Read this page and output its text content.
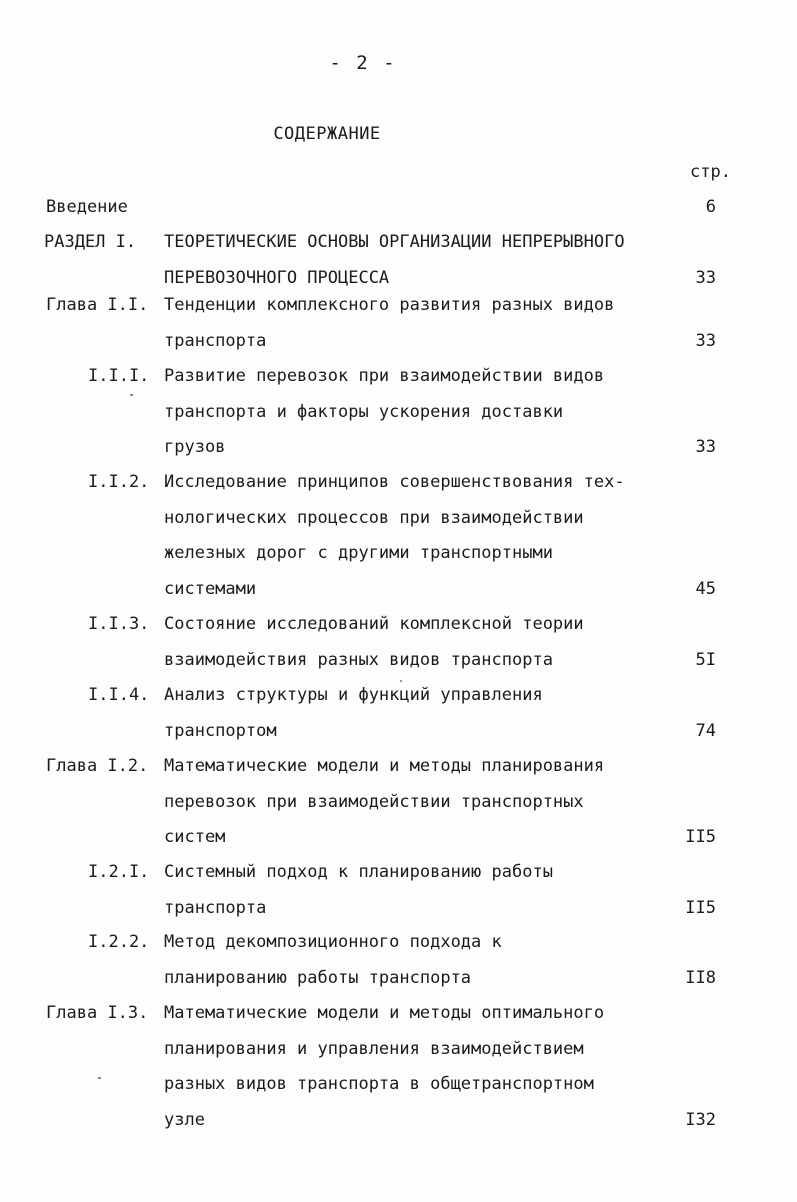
- 2 -
СОДЕРЖАНИЕ
стр.
Введение	6
РАЗДЕЛ I. ТЕОРЕТИЧЕСКИЕ ОСНОВЫ ОРГАНИЗАЦИИ НЕПРЕРЫВНОГО
ПЕРЕВОЗОЧНОГО ПРОЦЕССА	33
Глава I.I. Тенденции комплексного развития разных видов
транспорта	33
I.I.I. Развитие перевозок при взаимодействии видов
транспорта и факторы ускорения доставки
грузов	33
I.I.2. Исследование принципов совершенствования тех-
нологических процессов при взаимодействии
железных дорог с другими транспортными
системами	45
I.I.3. Состояние исследований комплексной теории
взаимодействия разных видов транспорта	5I
I.I.4. Анализ структуры и функций управления
транспортом	74
Глава I.2. Математические модели и методы планирования
перевозок при взаимодействии транспортных
систем	II5
I.2.I. Системный подход к планированию работы
транспорта	II5
I.2.2. Метод декомпозиционного подхода к
планированию работы транспорта	II8
Глава I.3. Математические модели и методы оптимального
планирования и управления взаимодействием
разных видов транспорта в общетранспортном
узле	I32
